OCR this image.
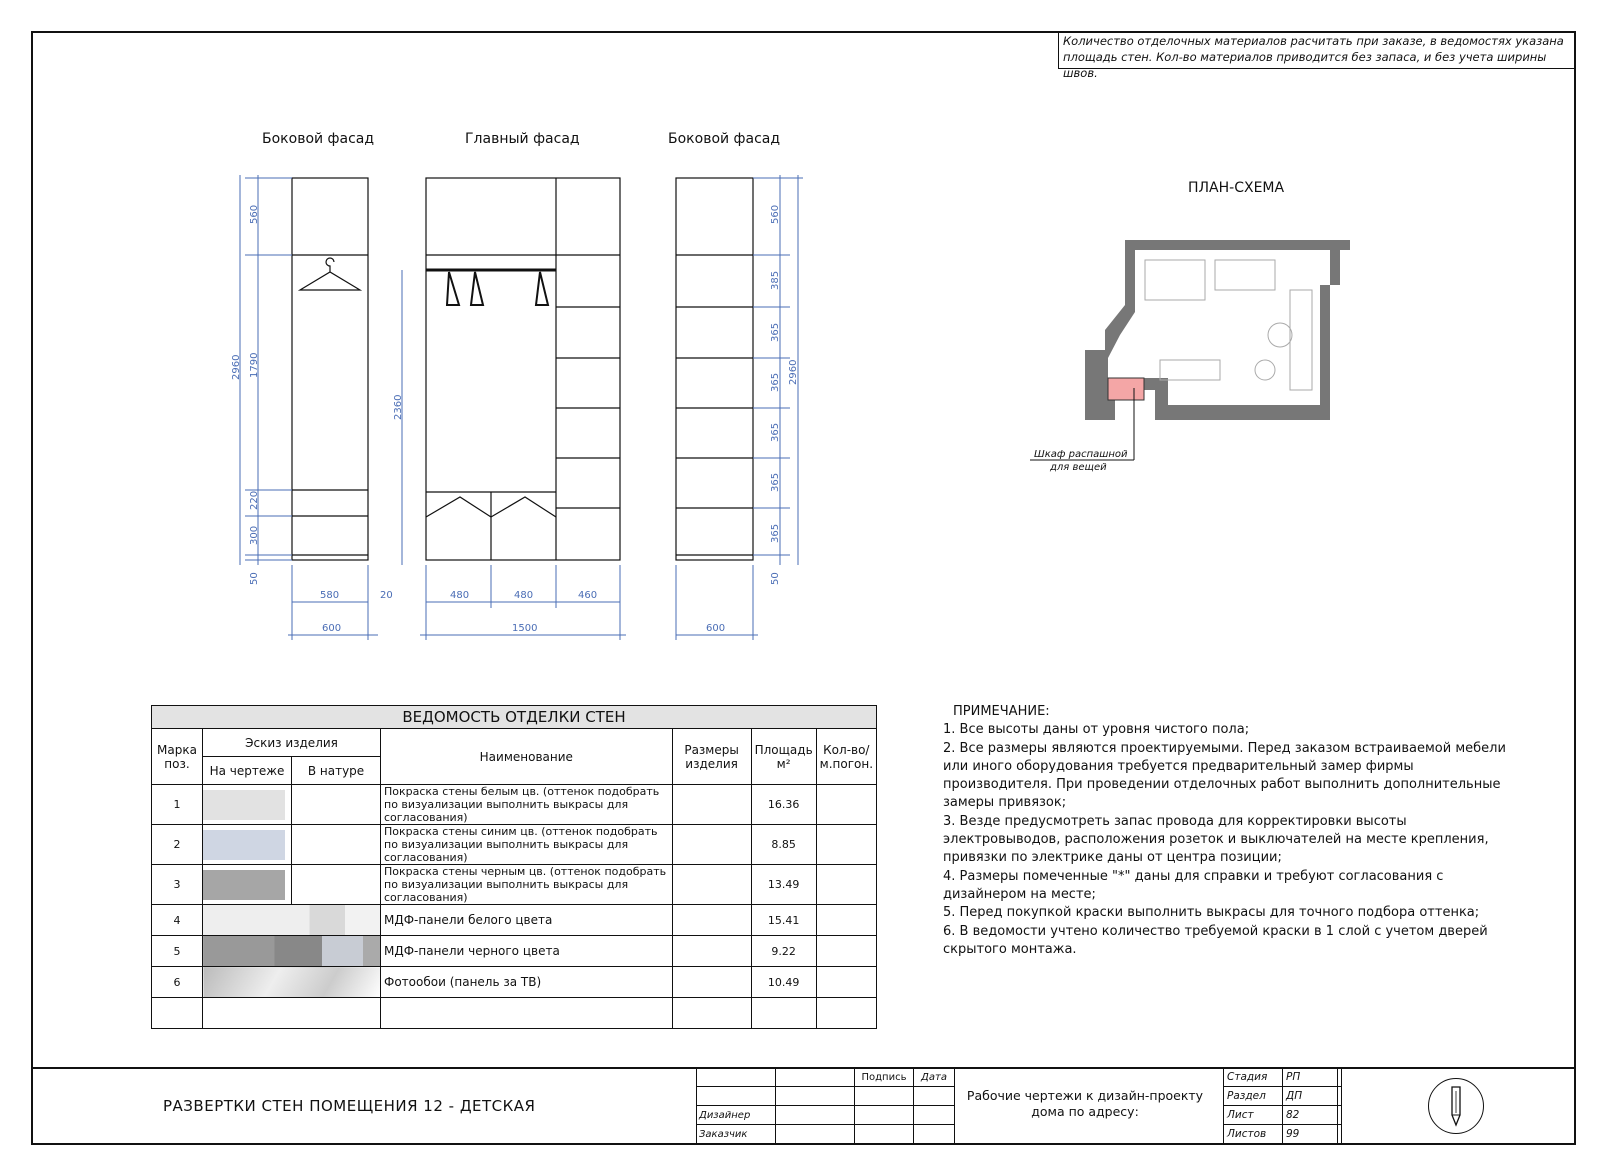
Количество отделочных материалов расчитать при заказе, в ведомостях указана площадь стен. Кол-во материалов приводится без запаса, и без учета ширины швов.
Боковой фасад	Главный фасад	Боковой фасад
560
1790
220
300
50
2960
580	20
600
2360
480	480	460
1500
560
385
365
365
365
365
365
50
2960
600
ПЛАН-СХЕМА
Шкаф распашной
для вещей
ВЕДОМОСТЬ ОТДЕЛКИ СТЕН						
Марка поз.	Эскиз изделия		Наименование	Размеры изделия	Площадь м²	Кол-во/ м.погон.
	На чертеже	В натуре				
1			Покраска стены белым цв. (оттенок подобрать по визуализации выполнить выкрасы для согласования)		16.36	
2			Покраска стены синим цв. (оттенок подобрать по визуализации выполнить выкрасы для согласования)		8.85	
3			Покраска стены черным цв. (оттенок подобрать по визуализации выполнить выкрасы для согласования)		13.49	
4			МДФ-панели белого цвета		15.41	
5			МДФ-панели черного цвета		9.22	
6			Фотообои (панель за ТВ)		10.49	

ПРИМЕЧАНИЕ:
1. Все высоты даны от уровня чистого пола;
2. Все размеры являются проектируемыми. Перед заказом встраиваемой мебели или иного оборудования требуется предварительный замер фирмы производителя. При проведении отделочных работ выполнить дополнительные замеры привязок;
3. Везде предусмотреть запас провода для корректировки высоты электровыводов, расположения розеток и выключателей на месте крепления, привязки по электрике даны от центра позиции;
4. Размеры помеченные "*" даны для справки и требуют согласования с дизайнером на месте;
5. Перед покупкой краски выполнить выкрасы для точного подбора оттенка;
6. В ведомости учтено количество требуемой краски в 1 слой с учетом дверей скрытого монтажа.
РАЗВЕРТКИ СТЕН ПОМЕЩЕНИЯ 12 - ДЕТСКАЯ
		Подпись	Дата

Дизайнер			
Заказчик			
Рабочие чертежи к дизайн-проекту
дома по адресу:
Стадия	РП
Раздел	ДП
Лист	82
Листов	99
